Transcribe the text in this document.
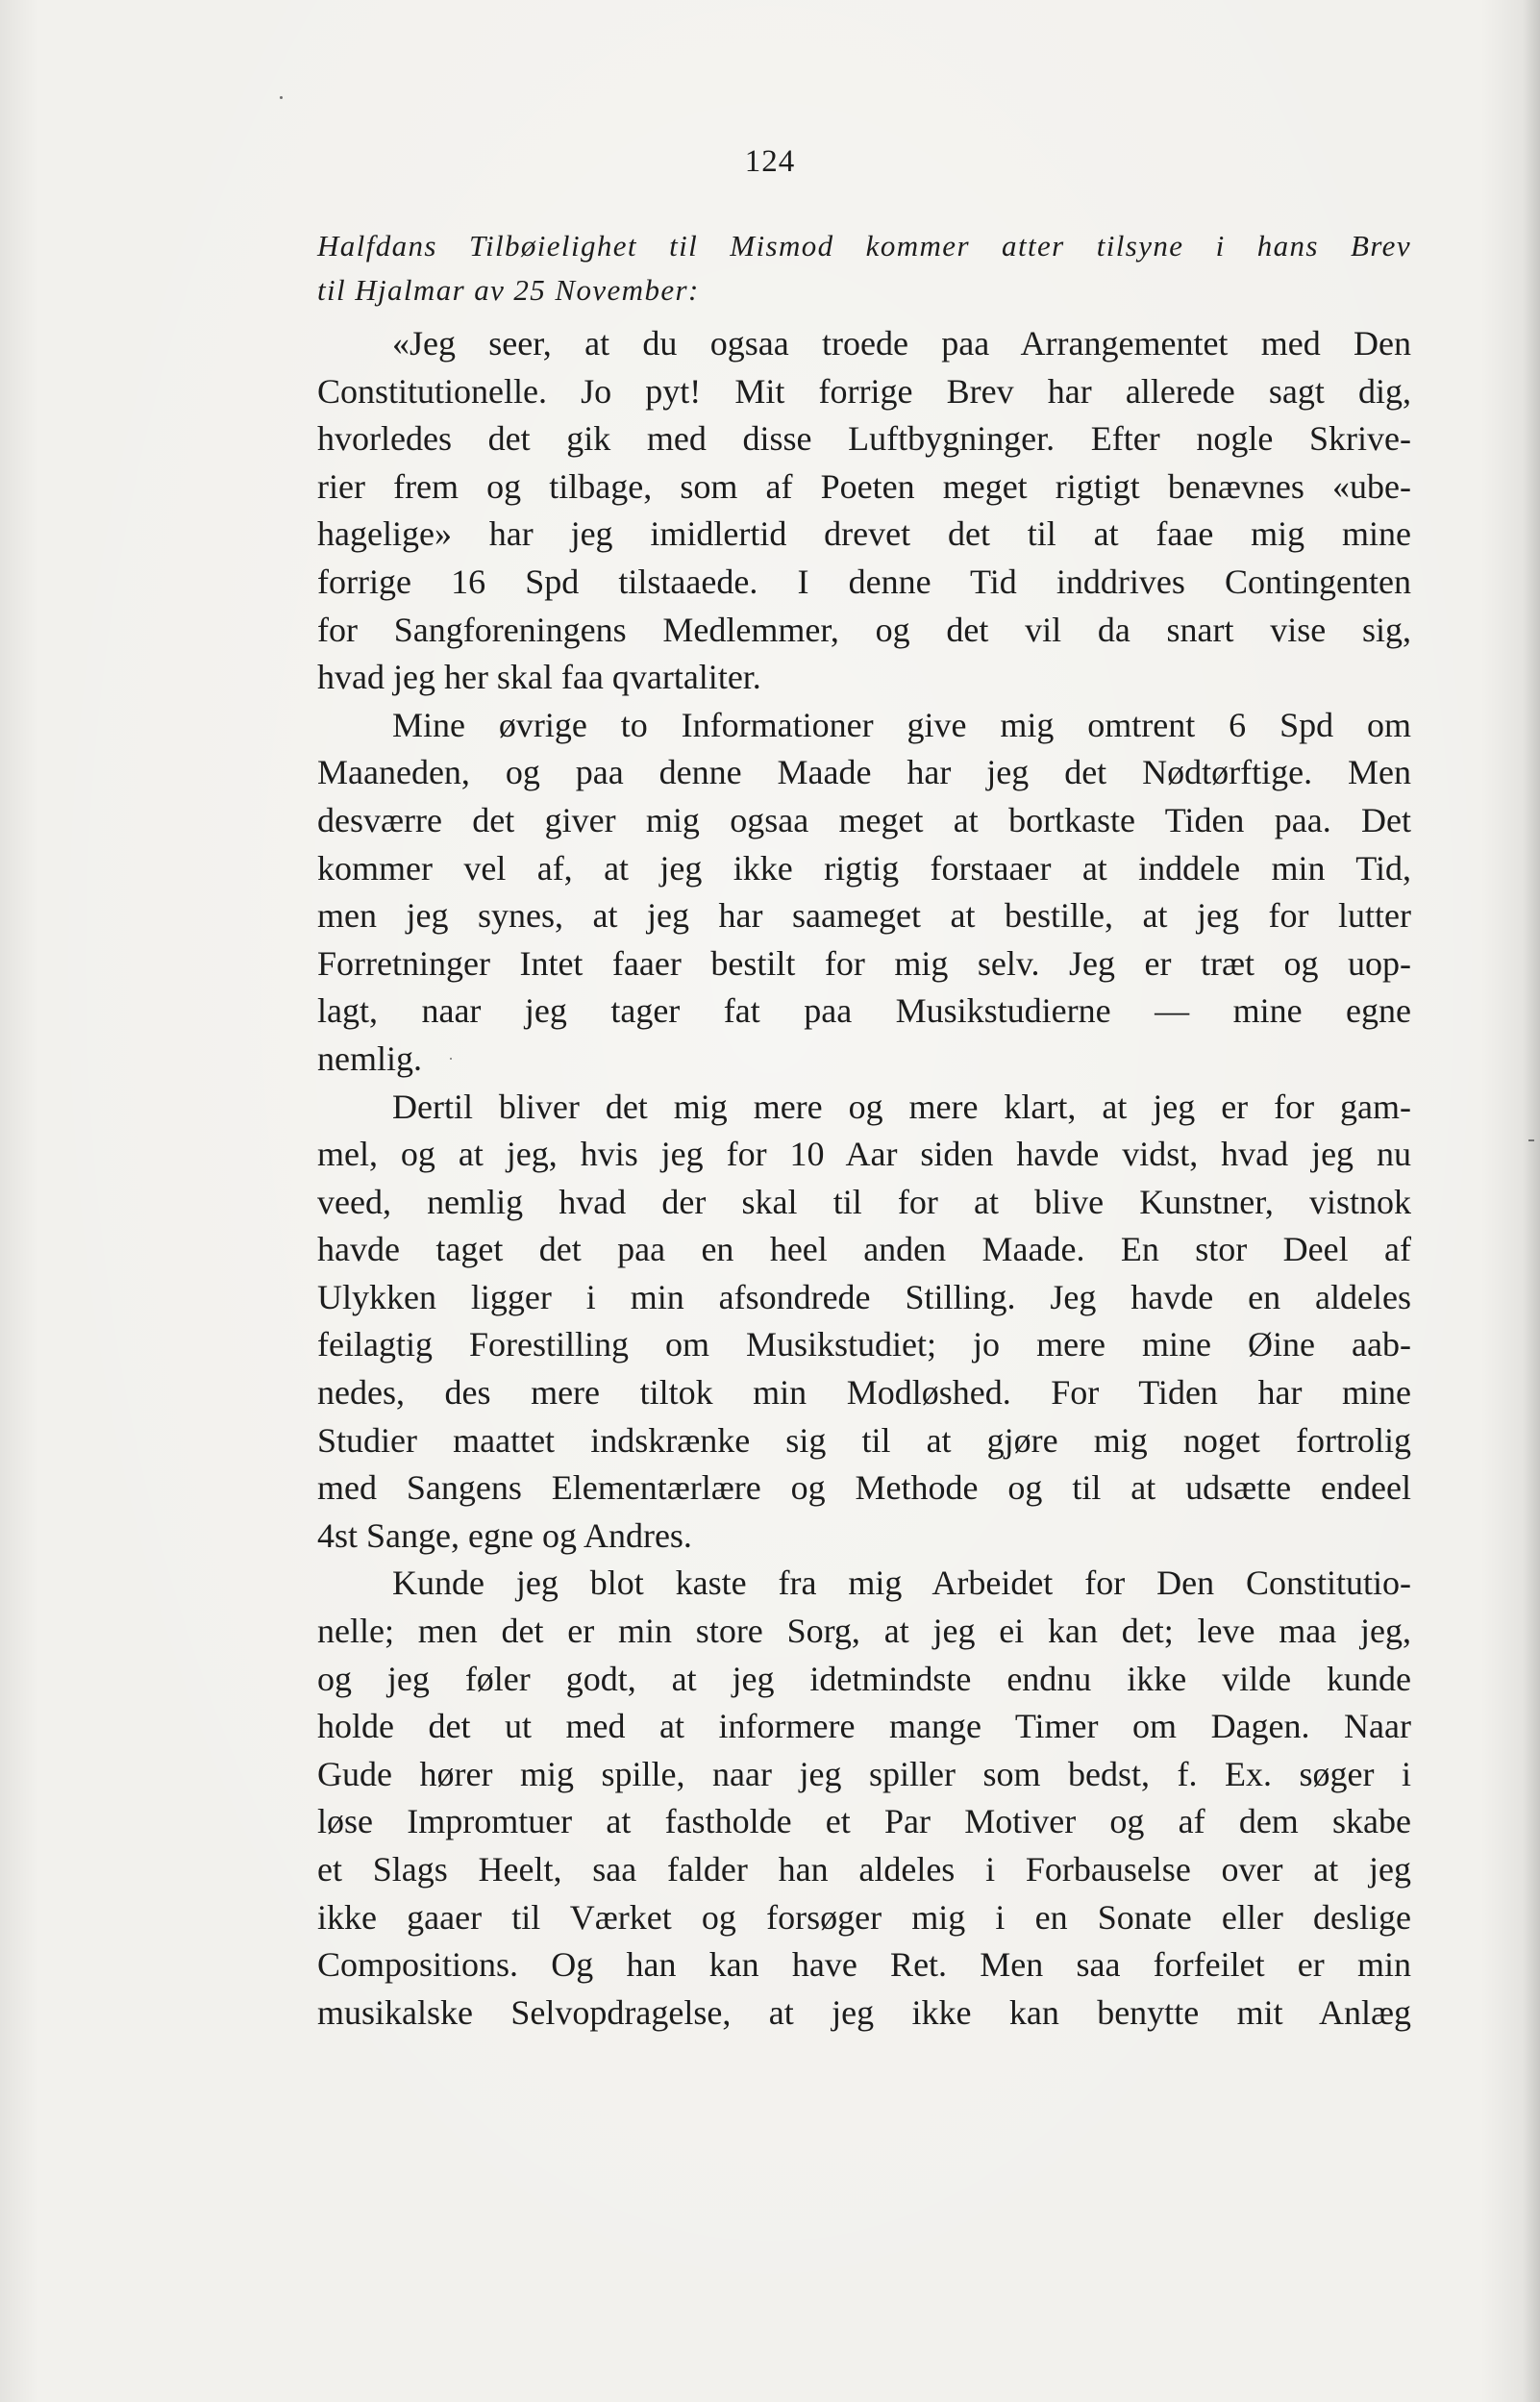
124
Halfdans Tilbøielighet til Mismod kommer atter tilsyne i hans Brev
til Hjalmar av 25 November:
«Jeg seer, at du ogsaa troede paa Arrangementet med Den
Constitutionelle. Jo pyt! Mit forrige Brev har allerede sagt dig,
hvorledes det gik med disse Luftbygninger. Efter nogle Skrive-
rier frem og tilbage, som af Poeten meget rigtigt benævnes «ube-
hagelige» har jeg imidlertid drevet det til at faae mig mine
forrige 16 Spd tilstaaede. I denne Tid inddrives Contingenten
for Sangforeningens Medlemmer, og det vil da snart vise sig,
hvad jeg her skal faa qvartaliter.
Mine øvrige to Informationer give mig omtrent 6 Spd om
Maaneden, og paa denne Maade har jeg det Nødtørftige. Men
desværre det giver mig ogsaa meget at bortkaste Tiden paa. Det
kommer vel af, at jeg ikke rigtig forstaaer at inddele min Tid,
men jeg synes, at jeg har saameget at bestille, at jeg for lutter
Forretninger Intet faaer bestilt for mig selv. Jeg er træt og uop-
lagt, naar jeg tager fat paa Musikstudierne — mine egne
nemlig.
Dertil bliver det mig mere og mere klart, at jeg er for gam-
mel, og at jeg, hvis jeg for 10 Aar siden havde vidst, hvad jeg nu
veed, nemlig hvad der skal til for at blive Kunstner, vistnok
havde taget det paa en heel anden Maade. En stor Deel af
Ulykken ligger i min afsondrede Stilling. Jeg havde en aldeles
feilagtig Forestilling om Musikstudiet; jo mere mine Øine aab-
nedes, des mere tiltok min Modløshed. For Tiden har mine
Studier maattet indskrænke sig til at gjøre mig noget fortrolig
med Sangens Elementærlære og Methode og til at udsætte endeel
4st Sange, egne og Andres.
Kunde jeg blot kaste fra mig Arbeidet for Den Constitutio-
nelle; men det er min store Sorg, at jeg ei kan det; leve maa jeg,
og jeg føler godt, at jeg idetmindste endnu ikke vilde kunde
holde det ut med at informere mange Timer om Dagen. Naar
Gude hører mig spille, naar jeg spiller som bedst, f. Ex. søger i
løse Impromtuer at fastholde et Par Motiver og af dem skabe
et Slags Heelt, saa falder han aldeles i Forbauselse over at jeg
ikke gaaer til Værket og forsøger mig i en Sonate eller deslige
Compositions. Og han kan have Ret. Men saa forfeilet er min
musikalske Selvopdragelse, at jeg ikke kan benytte mit Anlæg
